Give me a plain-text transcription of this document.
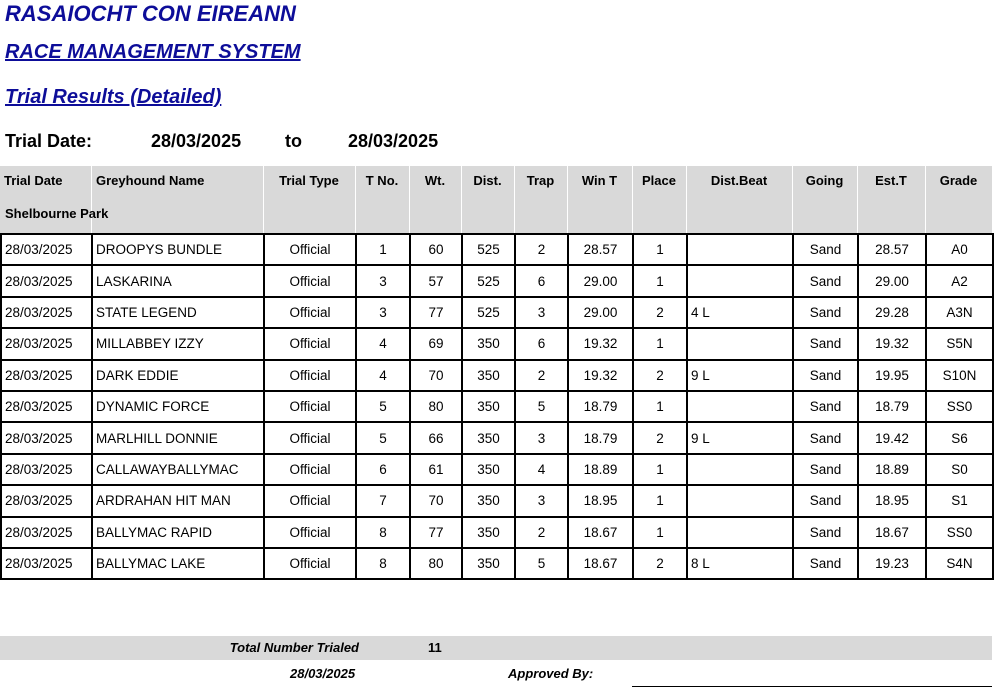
RASAIOCHT CON EIREANN
RACE MANAGEMENT SYSTEM
Trial Results (Detailed)
Trial Date:	28/03/2025 to	28/03/2025
Trial Date	Greyhound Name	Trial Type	T No.	Wt.	Dist.	Trap	Win T	Place	Dist.Beat	Going	Est.T	Grade
Shelbourne Park
28/03/2025	DROOPYS BUNDLE	Official	1	60	525	2	28.57	1		Sand	28.57	A0
28/03/2025	LASKARINA	Official	3	57	525	6	29.00	1		Sand	29.00	A2
28/03/2025	STATE LEGEND	Official	3	77	525	3	29.00	2	4 L	Sand	29.28	A3N
28/03/2025	MILLABBEY IZZY	Official	4	69	350	6	19.32	1		Sand	19.32	S5N
28/03/2025	DARK EDDIE	Official	4	70	350	2	19.32	2	9 L	Sand	19.95	S10N
28/03/2025	DYNAMIC FORCE	Official	5	80	350	5	18.79	1		Sand	18.79	SS0
28/03/2025	MARLHILL DONNIE	Official	5	66	350	3	18.79	2	9 L	Sand	19.42	S6
28/03/2025	CALLAWAYBALLYMAC	Official	6	61	350	4	18.89	1		Sand	18.89	S0
28/03/2025	ARDRAHAN HIT MAN	Official	7	70	350	3	18.95	1		Sand	18.95	S1
28/03/2025	BALLYMAC RAPID	Official	8	77	350	2	18.67	1		Sand	18.67	SS0
28/03/2025	BALLYMAC LAKE	Official	8	80	350	5	18.67	2	8 L	Sand	19.23	S4N
Total Number Trialed	11
28/03/2025	Approved By:
